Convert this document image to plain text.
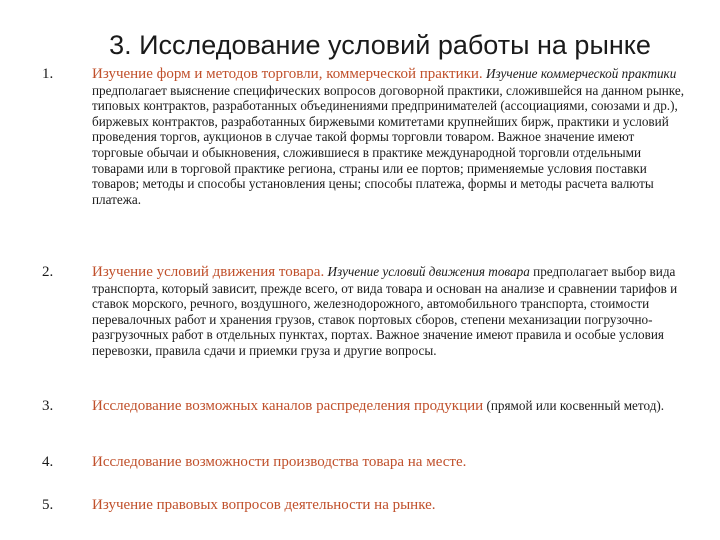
3. Исследование условий работы на рынке
1.	Изучение форм и методов торговли, коммерческой практики. Изучение коммерческой практики предполагает выяснение специфических вопросов договорной практики, сложившейся на данном рынке, типовых контрактов, разработанных объединениями предпринимателей (ассоциациями, союзами и др.), биржевых контрактов, разработанных биржевыми комитетами крупнейших бирж, практики и условий проведения торгов, аукционов в случае такой формы торговли товаром. Важное значение имеют торговые обычаи и обыкновения, сложившиеся в практике международной торговли отдельными товарами или в торговой практике региона, страны или ее портов; применяемые условия поставки товаров; методы и способы установления цены; способы платежа, формы и методы расчета валюты платежа.
2.	Изучение условий движения товара. Изучение условий движения товара предполагает выбор вида транспорта, который зависит, прежде всего, от вида товара и основан на анализе и сравнении тарифов и ставок морского, речного, воздушного, железнодорожного, автомобильного транспорта, стоимости перевалочных работ и хранения грузов, ставок портовых сборов, степени механизации погрузочно-разгрузочных работ в отдельных пунктах, портах. Важное значение имеют правила и особые условия перевозки, правила сдачи и приемки груза и другие вопросы.
3.	Исследование возможных каналов распределения продукции (прямой или косвенный метод).
4.	Исследование возможности производства товара на месте.
5.	Изучение правовых вопросов деятельности на рынке.
